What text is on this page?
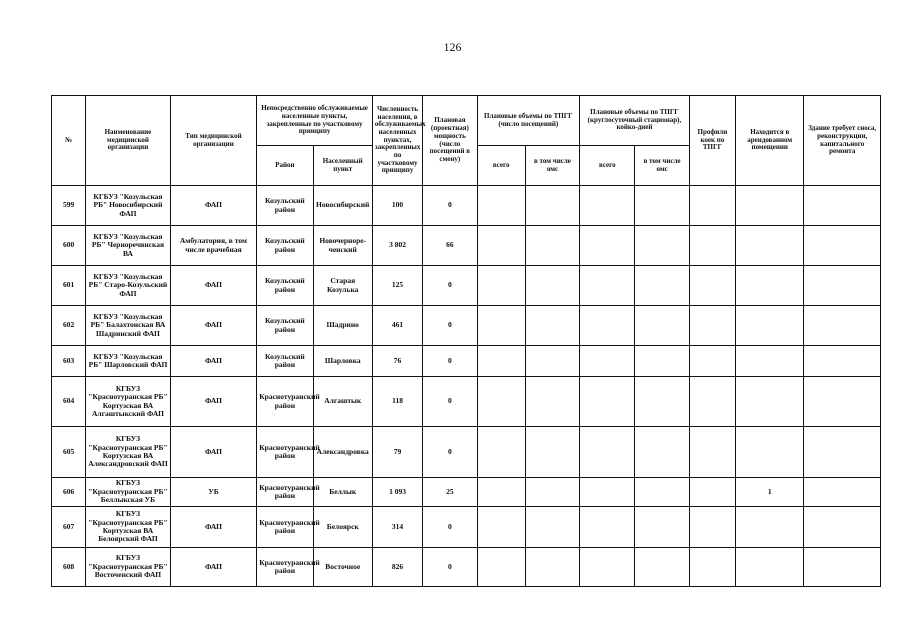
126
№	Наименование медицинской организации	Тип медицинской организации	Непосредственно обслуживаемые населенные пункты, закрепленные по участковому принципу		Численность населения, в обслуживаемых населенных пунктах, закрепленных по участковому принципу	Плановая (проектная) мощность (число посещений в смену)	Плановые объемы по ТПГГ (число посещений)		Плановые объемы по ТПГГ (круглосуточный стационар), койко-дней		Профили коек по ТПГГ	Находится в арендованном помещении	Здание требует сноса, реконструкции, капитального ремонта
			Район	Населенный пункт			всего	в том числе омс	всего	в том числе омс			
599	КГБУЗ "Козульская РБ" Новосибирский ФАП	ФАП	Козульский район	Новосибирский	100	0							
600	КГБУЗ "Козульская РБ" Черноречинская ВА	Амбулатория, в том числе врачебная	Козульский район	Новочернореченский	3 802	66							
601	КГБУЗ "Козульская РБ" Старо-Козульский ФАП	ФАП	Козульский район	Старая Козулька	125	0							
602	КГБУЗ "Козульская РБ" Балахтонская ВА Шадринский ФАП	ФАП	Козульский район	Шадрино	461	0							
603	КГБУЗ "Козульская РБ" Шарловский ФАП	ФАП	Козульский район	Шарловка	76	0							
604	КГБУЗ "Краснотуранская РБ" Кортузская ВА Алгаштыкский ФАП	ФАП	Краснотуранский район	Алгаштык	118	0							
605	КГБУЗ "Краснотуранская РБ" Кортузская ВА Александровский ФАП	ФАП	Краснотуранский район	Александровка	79	0							
606	КГБУЗ "Краснотуранская РБ" Беллыкская УБ	УБ	Краснотуранский район	Беллык	1 093	25						1	
607	КГБУЗ "Краснотуранская РБ" Кортузская ВА Белоярский ФАП	ФАП	Краснотуранский район	Белоярск	314	0							
608	КГБУЗ "Краснотуранская РБ" Восточенский ФАП	ФАП	Краснотуранский район	Восточное	826	0							
